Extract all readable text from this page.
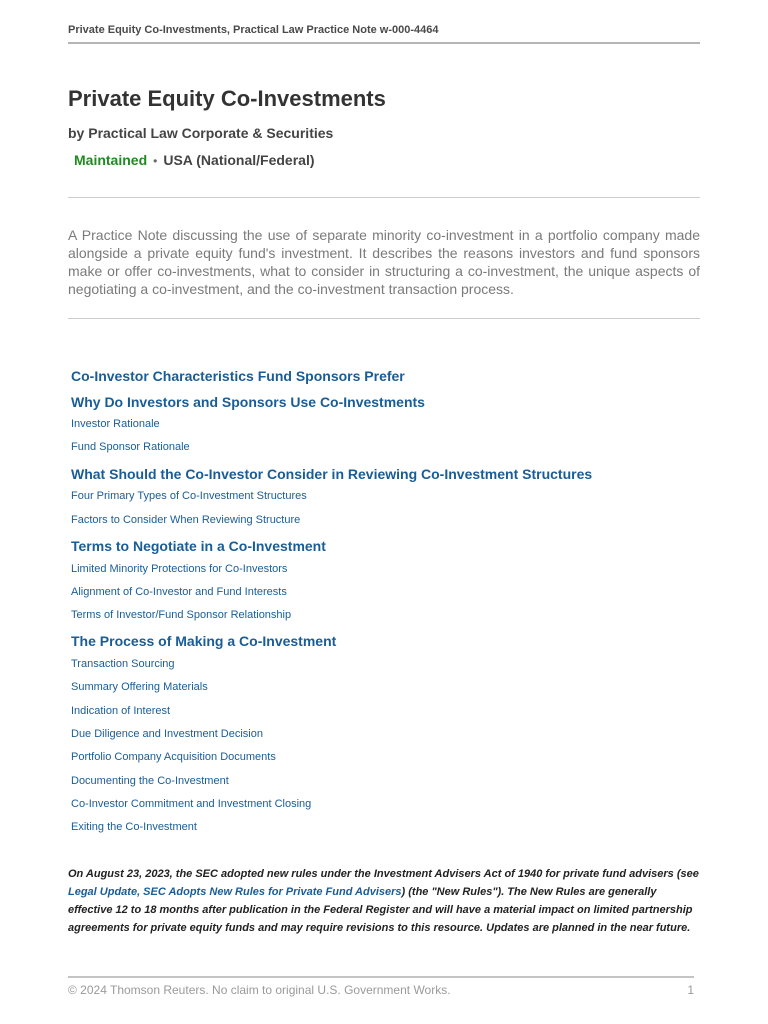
Private Equity Co-Investments, Practical Law Practice Note w-000-4464
Private Equity Co-Investments
by Practical Law Corporate & Securities
Maintained • USA (National/Federal)

A Practice Note discussing the use of separate minority co-investment in a portfolio company made alongside a private equity fund's investment. It describes the reasons investors and fund sponsors make or offer co-investments, what to consider in structuring a co-investment, the unique aspects of negotiating a co-investment, and the co-investment transaction process.

Co-Investor Characteristics Fund Sponsors Prefer
Why Do Investors and Sponsors Use Co-Investments
Investor Rationale
Fund Sponsor Rationale
What Should the Co-Investor Consider in Reviewing Co-Investment Structures
Four Primary Types of Co-Investment Structures
Factors to Consider When Reviewing Structure
Terms to Negotiate in a Co-Investment
Limited Minority Protections for Co-Investors
Alignment of Co-Investor and Fund Interests
Terms of Investor/Fund Sponsor Relationship
The Process of Making a Co-Investment
Transaction Sourcing
Summary Offering Materials
Indication of Interest
Due Diligence and Investment Decision
Portfolio Company Acquisition Documents
Documenting the Co-Investment
Co-Investor Commitment and Investment Closing
Exiting the Co-Investment

On August 23, 2023, the SEC adopted new rules under the Investment Advisers Act of 1940 for private fund advisers (see Legal Update, SEC Adopts New Rules for Private Fund Advisers) (the "New Rules"). The New Rules are generally effective 12 to 18 months after publication in the Federal Register and will have a material impact on limited partnership agreements for private equity funds and may require revisions to this resource. Updates are planned in the near future.

© 2024 Thomson Reuters. No claim to original U.S. Government Works.	1
